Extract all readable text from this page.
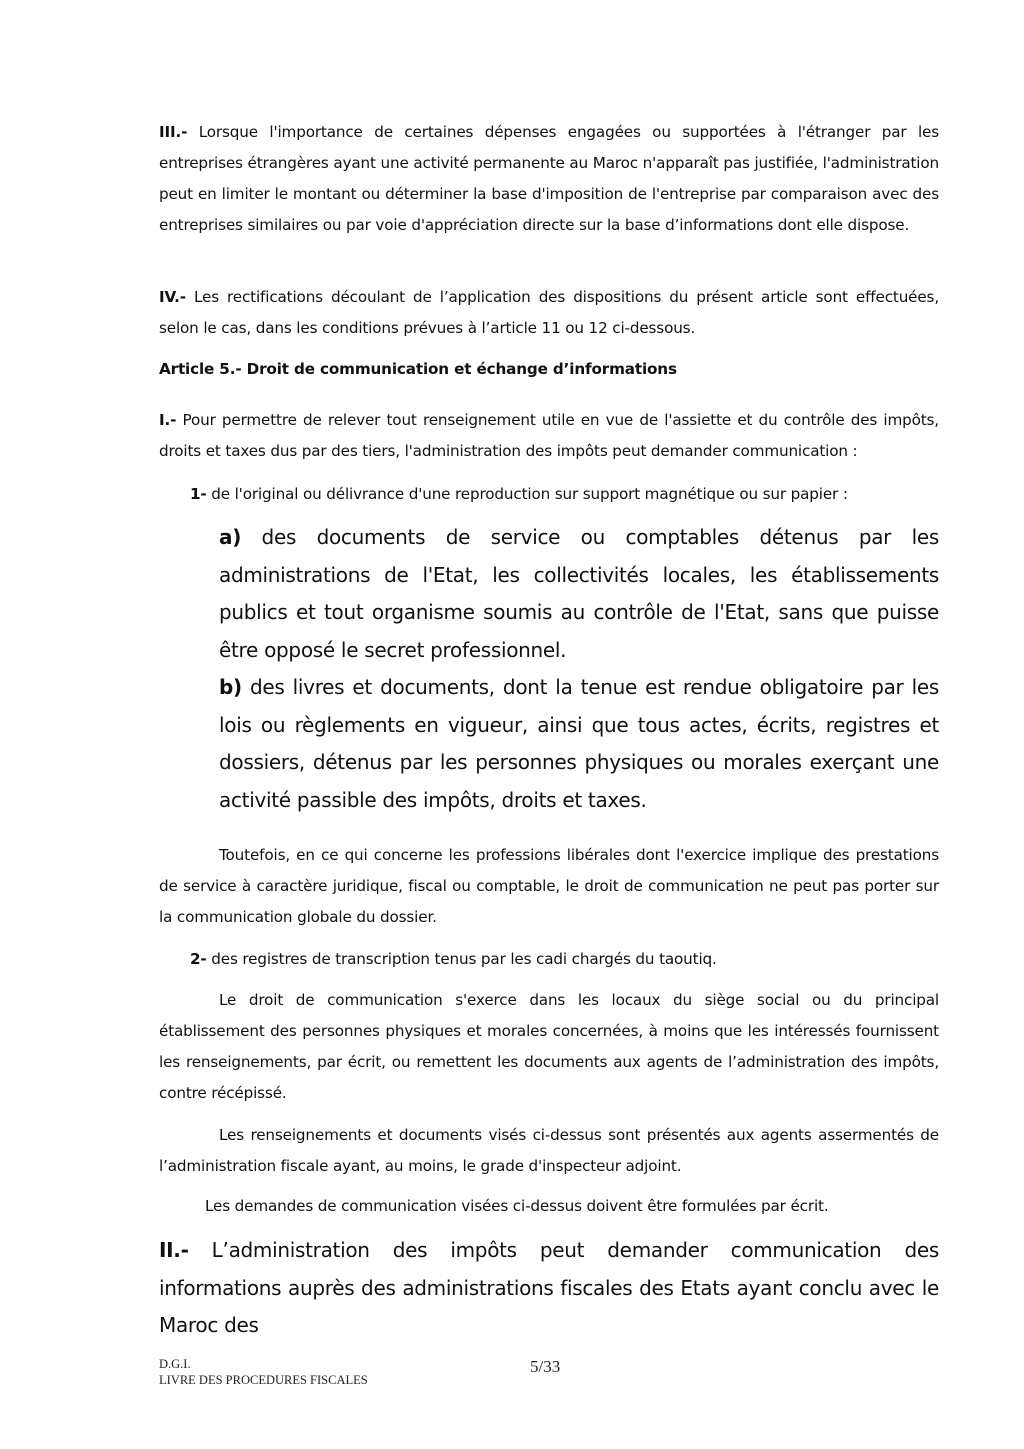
III.- Lorsque l'importance de certaines dépenses engagées ou supportées à l'étranger par les entreprises étrangères ayant une activité permanente au Maroc n'apparaît pas justifiée, l'administration peut en limiter le montant ou déterminer la base d'imposition de l'entreprise par comparaison avec des entreprises similaires ou par voie d'appréciation directe sur la base d’informations dont elle dispose.
IV.- Les rectifications découlant de l’application des dispositions du présent article sont effectuées, selon le cas, dans les conditions prévues à l’article 11 ou 12 ci-dessous.
Article 5.- Droit de communication et échange d’informations
I.- Pour permettre de relever tout renseignement utile en vue de l'assiette et du contrôle des impôts, droits et taxes dus par des tiers, l'administration des impôts peut demander communication :
1- de l'original ou délivrance d'une reproduction sur support magnétique ou sur papier :
a) des documents de service ou comptables détenus par les administrations de l'Etat, les collectivités locales, les établissements publics et tout organisme soumis au contrôle de l'Etat, sans que puisse être opposé le secret professionnel.
b) des livres et documents, dont la tenue est rendue obligatoire par les lois ou règlements en vigueur, ainsi que tous actes, écrits, registres et dossiers, détenus par les personnes physiques ou morales exerçant une activité passible des impôts, droits et taxes.
Toutefois, en ce qui concerne les professions libérales dont l'exercice implique des prestations de service à caractère juridique, fiscal ou comptable, le droit de communication ne peut pas porter sur la communication globale du dossier.
2- des registres de transcription tenus par les cadi chargés du taoutiq.
Le droit de communication s'exerce dans les locaux du siège social ou du principal établissement des personnes physiques et morales concernées, à moins que les intéressés fournissent les renseignements, par écrit, ou remettent les documents aux agents de l’administration des impôts, contre récépissé.
Les renseignements et documents visés ci-dessus sont présentés aux agents assermentés de l’administration fiscale ayant, au moins, le grade d'inspecteur adjoint.
Les demandes de communication visées ci-dessus doivent être formulées par écrit.
II.- L’administration des impôts peut demander communication des informations auprès des administrations fiscales des Etats ayant conclu avec le Maroc des
D.G.I.
LIVRE DES PROCEDURES FISCALES
5/33
